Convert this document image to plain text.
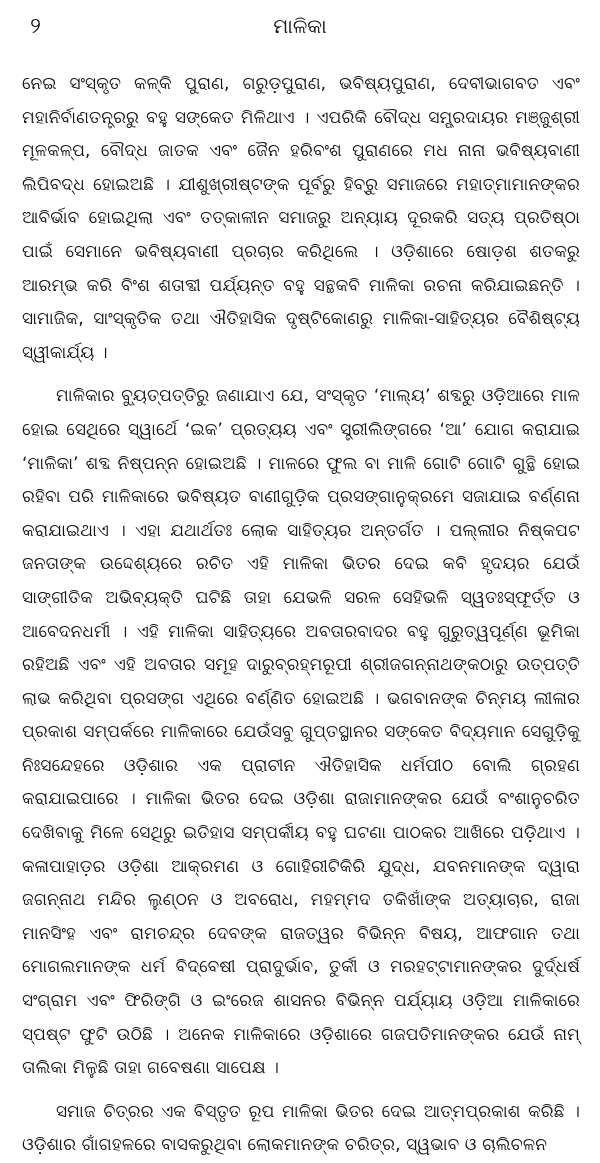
୨	ମାଳିକା

ନେଇ ସଂସ୍କୃତ କଳ୍କି ପୁରାଣ, ଗରୁଡ଼ପୁରାଣ, ଭବିଷ୍ୟପୁରାଣ, ଦେବୀଭାଗବତ ଏବଂ ମହାନିର୍ବାଣତନ୍ତ୍ରରୁ ବହୁ ସଙ୍କେତ ମିଳିଥାଏ । ଏପରିକି ବୌଦ୍ଧ ସମ୍ପ୍ରଦାୟର ମଞ୍ଜୁଶ୍ରୀ ମୂଳକଳ୍ପ, ବୌଦ୍ଧ ଜାତକ ଏବଂ ଜୈନ ହରିବଂଶ ପୁରାଣରେ ମଧ ନାନା ଭବିଷ୍ୟବାଣୀ ଲିପିବଦ୍ଧ ହୋଇଅଛି । ଯୀଶୁଖ୍ରୀଷ୍ଟଙ୍କ ପୂର୍ବରୁ ହିବ୍ରୁ ସମାଜରେ ମହାତ୍ମାମାନଙ୍କର ଆବିର୍ଭାବ ହୋଇଥିଲା ଏବଂ ତତ୍କାଳୀନ ସମାଜରୁ ଅନ୍ୟାୟ ଦୂରକରି ସତ୍ୟ ପ୍ରତିଷ୍ଠା ପାଇଁ ସେମାନେ ଭବିଷ୍ୟବାଣୀ ପ୍ରଚାର କରିଥିଲେ । ଓଡ଼ିଶାରେ ଷୋଡ଼ଶ ଶତକରୁ ଆରମ୍ଭ କରି ବିଂଶ ଶତାବ୍ଦୀ ପର୍ଯ୍ୟନ୍ତ ବହୁ ସନ୍ଥକବି ମାଳିକା ରଚନା କରିଯାଇଛନ୍ତି । ସାମାଜିକ, ସାଂସ୍କୃତିକ ତଥା ଐତିହାସିକ ଦୃଷ୍ଟିକୋଣରୁ ମାଳିକା-ସାହିତ୍ୟର ବୈଶିଷ୍ଟ୍ୟ ସ୍ୱୀକାର୍ଯ୍ୟ ।

ମାଳିକାର ବ୍ୟୁତ୍ପତ୍ତିରୁ ଜଣାଯାଏ ଯେ, ସଂସ୍କୃତ ‘ମାଲ୍ୟ’ ଶବ୍ଦରୁ ଓଡ଼ିଆରେ ମାଳ ହୋଇ ସେଥିରେ ସ୍ୱାର୍ଥେ ‘ଇକ’ ପ୍ରତ୍ୟୟ ଏବଂ ସ୍ତ୍ରୀଲିଙ୍ଗରେ ‘ଆ’ ଯୋଗ କରାଯାଇ ‘ମାଳିକା’ ଶବ୍ଦ ନିଷ୍ପନ୍ନ ହୋଇଅଛି । ମାଳରେ ଫୁଲ ବା ମାଳି ଗୋଟି ଗୋଟି ଗୁନ୍ଥି ହୋଇ ରହିବା ପରି ମାଳିକାରେ ଭବିଷ୍ୟତ ବାଣୀଗୁଡ଼ିକ ପ୍ରସଙ୍ଗାନୁକ୍ରମେ ସଜାଯାଇ ବର୍ଣ୍ଣନା କରାଯାଇଥାଏ । ଏହା ଯଥାର୍ଥତଃ ଲୋକ ସାହିତ୍ୟର ଅନ୍ତର୍ଗତ । ପଲ୍ଲୀର ନିଷ୍କପଟ ଜନତାଙ୍କ ଉଦ୍ଦେଶ୍ୟରେ ରଚିତ ଏହି ମାଳିକା ଭିତର ଦେଇ କବି ହୃଦୟର ଯେଉଁ ସାଙ୍ଗୀତିକ ଅଭିବ୍ୟକ୍ତି ଘଟିଛି ତାହା ଯେଭଳି ସରଳ ସେହିଭଳି ସ୍ୱତଃସ୍ଫୂର୍ତ୍ତ ଓ ଆବେଦନଧର୍ମୀ । ଏହି ମାଳିକା ସାହିତ୍ୟରେ ଅବତାରବାଦର ବହୁ ଗୁରୁତ୍ୱପୂର୍ଣ୍ଣ ଭୂମିକା ରହିଅଛି ଏବଂ ଏହି ଅବତାର ସମୂହ ଦାରୁବ୍ରହ୍ମରୂପୀ ଶ୍ରୀଜଗନ୍ନାଥଙ୍କଠାରୁ ଉତ୍ପତ୍ତି ଲାଭ କରିଥିବା ପ୍ରସଙ୍ଗ ଏଥିରେ ବର୍ଣ୍ଣିତ ହୋଇଅଛି । ଭଗବାନଙ୍କ ଚିନ୍ମୟ ଲୀଳାର ପ୍ରକାଶ ସମ୍ପର୍କରେ ମାଳିକାରେ ଯେଉଁସବୁ ଗୁପ୍ତସ୍ଥାନର ସଙ୍କେତ ବିଦ୍ୟମାନ ସେଗୁଡ଼ିକୁ ନିଃସନ୍ଦେହରେ ଓଡ଼ିଶାର ଏକ ପ୍ରାଚୀନ ଐତିହାସିକ ଧର୍ମପୀଠ ବୋଲି ଗ୍ରହଣ କରାଯାଇପାରେ । ମାଳିକା ଭିତର ଦେଇ ଓଡ଼ିଶା ରାଜାମାନଙ୍କର ଯେଉଁ ବଂଶାନୁଚରିତ ଦେଖିବାକୁ ମିଳେ ସେଥିରୁ ଇତିହାସ ସମ୍ପର୍କୀୟ ବହୁ ଘଟଣା ପାଠକର ଆଖିରେ ପଡ଼ିଥାଏ । କଳାପାହାଡ଼ର ଓଡ଼ିଶା ଆକ୍ରମଣ ଓ ଗୋହିରୀଟିକିରି ଯୁଦ୍ଧ, ଯବନମାନଙ୍କ ଦ୍ୱାରା ଜଗନ୍ନାଥ ମନ୍ଦିର ଲୁଣ୍ଠନ ଓ ଅବରୋଧ, ମହମ୍ମଦ ତକିଖାଁଙ୍କ ଅତ୍ୟାଚାର, ରାଜା ମାନସିଂହ ଏବଂ ରାମଚନ୍ଦ୍ର ଦେବଙ୍କ ରାଜତ୍ୱର ବିଭିନ୍ନ ବିଷୟ, ଆଫଗାନ ତଥା ମୋଗଲମାନଙ୍କ ଧର୍ମ ବିଦ୍ବେଷୀ ପ୍ରାଦୁର୍ଭାବ, ତୁର୍କୀ ଓ ମରହଟ୍ଟାମାନଙ୍କର ଦୁର୍ଦ୍ଧର୍ଷ ସଂଗ୍ରାମ ଏବଂ ଫିରିଙ୍ଗି ଓ ଇଂରେଜ ଶାସନର ବିଭିନ୍ନ ପର୍ଯ୍ୟାୟ ଓଡ଼ିଆ ମାଳିକାରେ ସ୍ପଷ୍ଟ ଫୁଟି ଉଠିଛି । ଅନେକ ମାଳିକାରେ ଓଡ଼ିଶାରେ ଗଜପତିମାନଙ୍କର ଯେଉଁ ନାମ୍ ତାଲିକା ମିଳୁଛି ତାହା ଗବେଷଣା ସାପେକ୍ଷ ।

ସମାଜ ଚିତ୍ରର ଏକ ବିସ୍ତୃତ ରୂପ ମାଳିକା ଭିତର ଦେଇ ଆତ୍ମପ୍ରକାଶ କରିଛି । ଓଡ଼ିଶାର ଗାଁଗହଳରେ ବାସକରୁଥିବା ଲୋକମାନଙ୍କ ଚରିତ୍ର, ସ୍ୱଭାବ ଓ ଚାଲିଚଳନ
